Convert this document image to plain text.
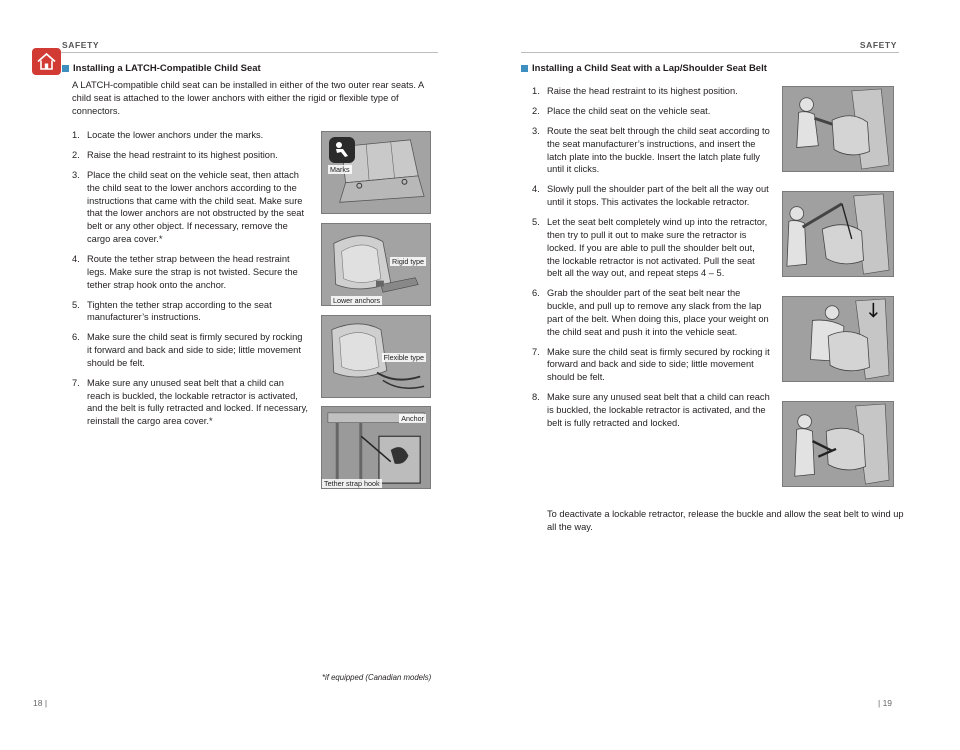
SAFETY
Installing a LATCH-Compatible Child Seat

A LATCH-compatible child seat can be installed in either of the two outer rear seats. A child seat is attached to the lower anchors with either the rigid or flexible type of connectors.

1. Locate the lower anchors under the marks.
2. Raise the head restraint to its highest position.
3. Place the child seat on the vehicle seat, then attach the child seat to the lower anchors according to the instructions that came with the child seat. Make sure that the lower anchors are not obstructed by the seat belt or any other object. If necessary, remove the cargo area cover.*
4. Route the tether strap between the head restraint legs. Make sure the strap is not twisted. Secure the tether strap hook onto the anchor.
5. Tighten the tether strap according to the seat manufacturer’s instructions.
6. Make sure the child seat is firmly secured by rocking it forward and back and side to side; little movement should be felt.
7. Make sure any unused seat belt that a child can reach is buckled, the lockable retractor is activated, and the belt is fully retracted and locked. If necessary, reinstall the cargo area cover.*
Marks
Rigid type
Lower anchors
Flexible type
Anchor
Tether strap hook
*if equipped (Canadian models)
18 |
SAFETY
Installing a Child Seat with a Lap/Shoulder Seat Belt
1. Raise the head restraint to its highest position.
2. Place the child seat on the vehicle seat.
3. Route the seat belt through the child seat according to the seat manufacturer’s instructions, and insert the latch plate into the buckle. Insert the latch plate fully until it clicks.
4. Slowly pull the shoulder part of the belt all the way out until it stops. This activates the lockable retractor.
5. Let the seat belt completely wind up into the retractor, then try to pull it out to make sure the retractor is locked. If you are able to pull the shoulder belt out, the lockable retractor is not activated. Pull the seat belt all the way out, and repeat steps 4 – 5.
6. Grab the shoulder part of the seat belt near the buckle, and pull up to remove any slack from the lap part of the belt. When doing this, place your weight on the child seat and push it into the vehicle seat.
7. Make sure the child seat is firmly secured by rocking it forward and back and side to side; little movement should be felt.
8. Make sure any unused seat belt that a child can reach is buckled, the lockable retractor is activated, and the belt is fully retracted and locked.

To deactivate a lockable retractor, release the buckle and allow the seat belt to wind up all the way.

| 19
